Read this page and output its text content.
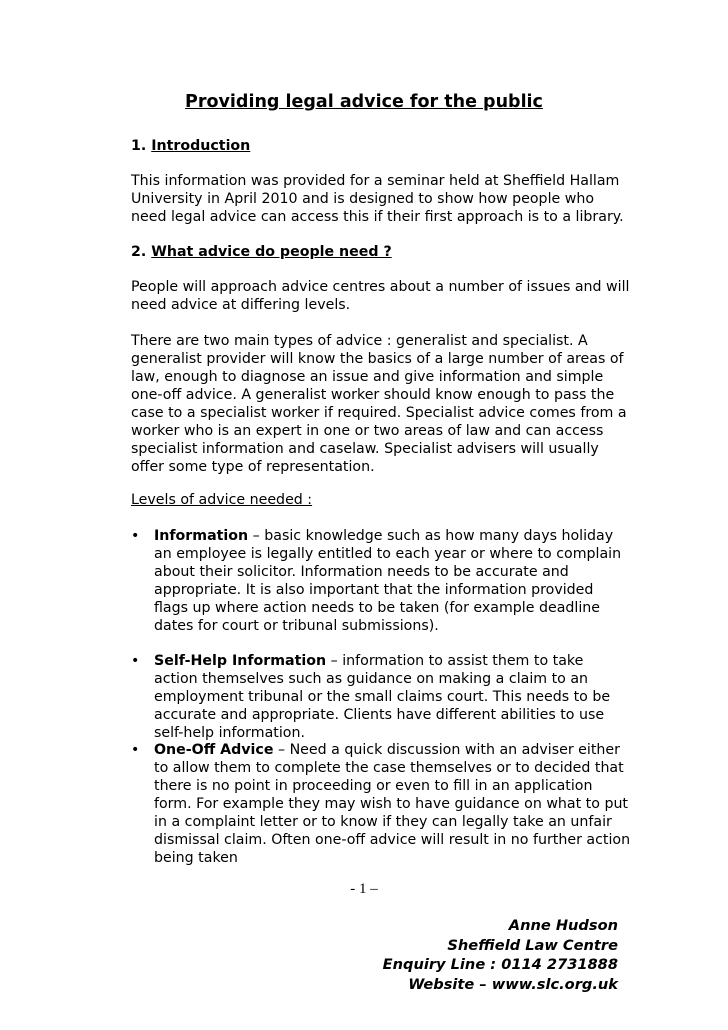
Providing legal advice for the public
1. Introduction

This information was provided for a seminar held at Sheffield Hallam University in April 2010 and is designed to show how people who need legal advice can access this if their first approach is to a library.

2. What advice do people need ?

People will approach advice centres about a number of issues and will need advice at differing levels.

There are two main types of advice : generalist and specialist. A generalist provider will know the basics of a large number of areas of law, enough to diagnose an issue and give information and simple one-off advice. A generalist worker should know enough to pass the case to a specialist worker if required. Specialist advice comes from a worker who is an expert in one or two areas of law and can access specialist information and caselaw. Specialist advisers will usually offer some type of representation.

Levels of advice needed :
•	Information – basic knowledge such as how many days holiday an employee is legally entitled to each year or where to complain about their solicitor. Information needs to be accurate and appropriate. It is also important that the information provided flags up where action needs to be taken (for example deadline dates for court or tribunal submissions).
•	Self-Help Information – information to assist them to take action themselves such as guidance on making a claim to an employment tribunal or the small claims court. This needs to be accurate and appropriate. Clients have different abilities to use self-help information.
•	One-Off Advice – Need a quick discussion with an adviser either to allow them to complete the case themselves or to decided that there is no point in proceeding or even to fill in an application form. For example they may wish to have guidance on what to put in a complaint letter or to know if they can legally take an unfair dismissal claim. Often one-off advice will result in no further action being taken
- 1 –
Anne Hudson
Sheffield Law Centre
Enquiry Line : 0114 2731888
Website – www.slc.org.uk
